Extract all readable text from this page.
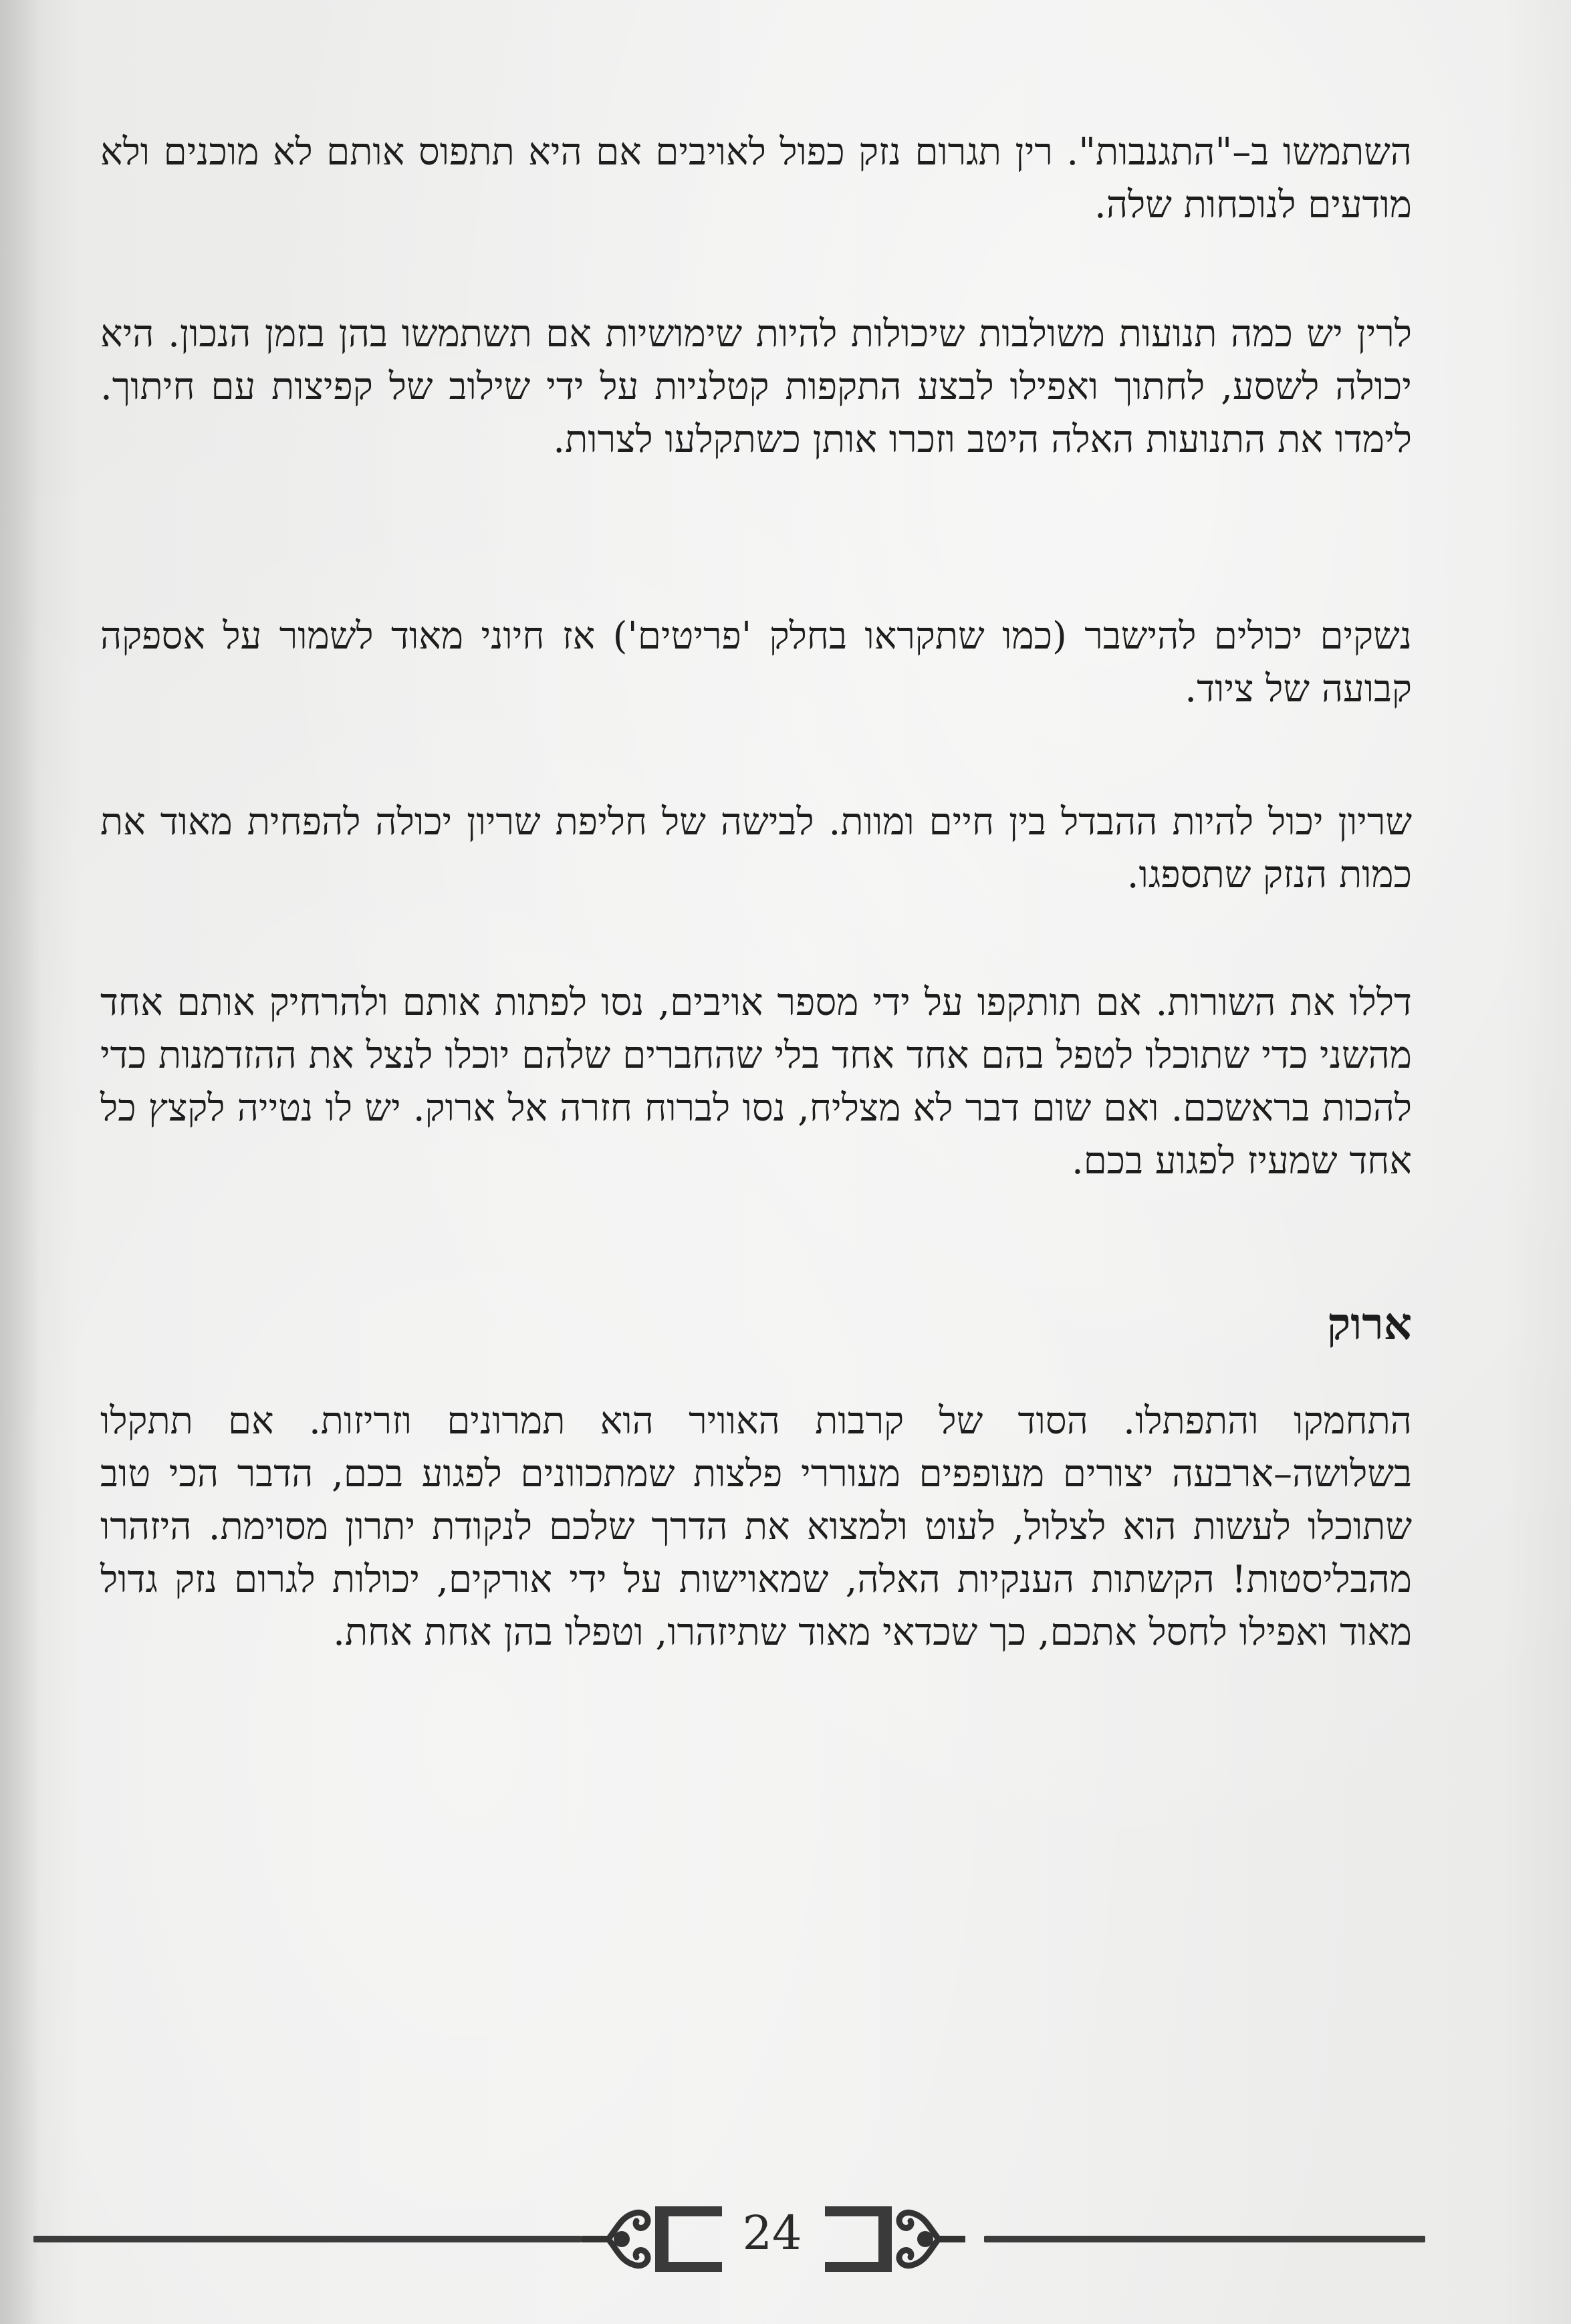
השתמשו ב–"התגנבות". רין תגרום נזק כפול לאויבים אם היא תתפוס אותם לא מוכנים ולא מודעים לנוכחות שלה.

לרין יש כמה תנועות משולבות שיכולות להיות שימושיות אם תשתמשו בהן בזמן הנכון. היא יכולה לשסע, לחתוך ואפילו לבצע התקפות קטלניות על ידי שילוב של קפיצות עם חיתוך. לימדו את התנועות האלה היטב וזכרו אותן כשתקלעו לצרות.

נשקים יכולים להישבר (כמו שתקראו בחלק 'פריטים') אז חיוני מאוד לשמור על אספקה קבועה של ציוד.

שריון יכול להיות ההבדל בין חיים ומוות. לבישה של חליפת שריון יכולה להפחית מאוד את כמות הנזק שתספגו.

דללו את השורות. אם תותקפו על ידי מספר אויבים, נסו לפתות אותם ולהרחיק אותם אחד מהשני כדי שתוכלו לטפל בהם אחד אחד בלי שהחברים שלהם יוכלו לנצל את ההזדמנות כדי להכות בראשכם. ואם שום דבר לא מצליח, נסו לברוח חזרה אל ארוק. יש לו נטייה לקצץ כל אחד שמעיז לפגוע בכם.

ארוק

התחמקו והתפתלו. הסוד של קרבות האוויר הוא תמרונים וזריזות. אם תתקלו בשלושה–ארבעה יצורים מעופפים מעוררי פלצות שמתכוונים לפגוע בכם, הדבר הכי טוב שתוכלו לעשות הוא לצלול, לעוט ולמצוא את הדרך שלכם לנקודת יתרון מסוימת. היזהרו מהבליסטות! הקשתות הענקיות האלה, שמאוישות על ידי אורקים, יכולות לגרום נזק גדול מאוד ואפילו לחסל אתכם, כך שכדאי מאוד שתיזהרו, וטפלו בהן אחת אחת.

24
